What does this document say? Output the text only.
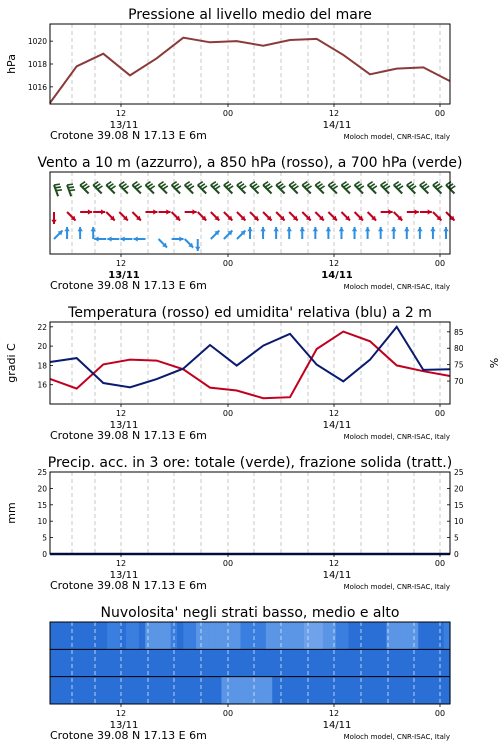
Pressione al livello medio del mare
1016
1018
1020
hPa
12	00	12	00
13/11	14/11
Crotone 39.08 N 17.13 E 6m	Moloch model, CNR-ISAC, Italy
Vento a 10 m (azzurro), a 850 hPa (rosso), a 700 hPa (verde)
12	00	12	00
13/11	14/11
Crotone 39.08 N 17.13 E 6m	Moloch model, CNR-ISAC, Italy
Temperatura (rosso) ed umidita' relativa (blu) a 2 m
16
18
20
22
70
75
80
85
gradi C	%
12	00	12	00
13/11	14/11
Crotone 39.08 N 17.13 E 6m	Moloch model, CNR-ISAC, Italy
Precip. acc. in 3 ore: totale (verde), frazione solida (tratt.)
0
5
10
15
20
25
0
5
10
15
20
25
mm
12	00	12	00
13/11	14/11
Crotone 39.08 N 17.13 E 6m	Moloch model, CNR-ISAC, Italy
Nuvolosita' negli strati basso, medio e alto
12	00	12	00
13/11	14/11
Crotone 39.08 N 17.13 E 6m	Moloch model, CNR-ISAC, Italy
